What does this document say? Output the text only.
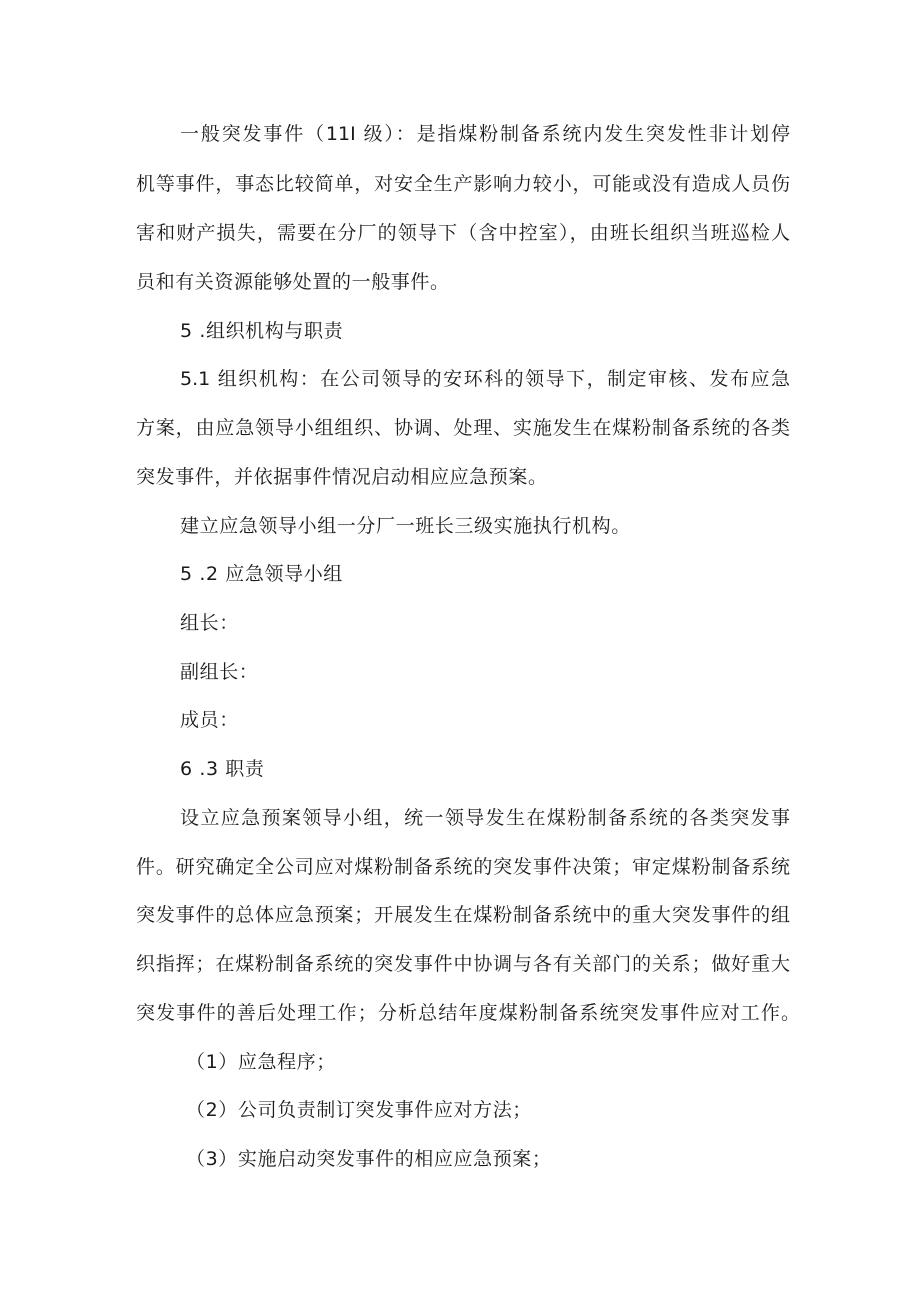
一般突发事件（11I 级）：是指煤粉制备系统内发生突发性非计划停
机等事件，事态比较简单，对安全生产影响力较小，可能或没有造成人员伤
害和财产损失，需要在分厂的领导下（含中控室），由班长组织当班巡检人
员和有关资源能够处置的一般事件。
5 .组织机构与职责
5.1 组织机构：在公司领导的安环科的领导下，制定审核、发布应急
方案，由应急领导小组组织、协调、处理、实施发生在煤粉制备系统的各类
突发事件，并依据事件情况启动相应应急预案。
建立应急领导小组一分厂一班长三级实施执行机构。
5 .2 应急领导小组
组长：
副组长：
成员：
6 .3 职责
设立应急预案领导小组，统一领导发生在煤粉制备系统的各类突发事
件。研究确定全公司应对煤粉制备系统的突发事件决策；审定煤粉制备系统
突发事件的总体应急预案；开展发生在煤粉制备系统中的重大突发事件的组
织指挥；在煤粉制备系统的突发事件中协调与各有关部门的关系；做好重大
突发事件的善后处理工作；分析总结年度煤粉制备系统突发事件应对工作。
（1）应急程序；
（2）公司负责制订突发事件应对方法；
（3）实施启动突发事件的相应应急预案；
